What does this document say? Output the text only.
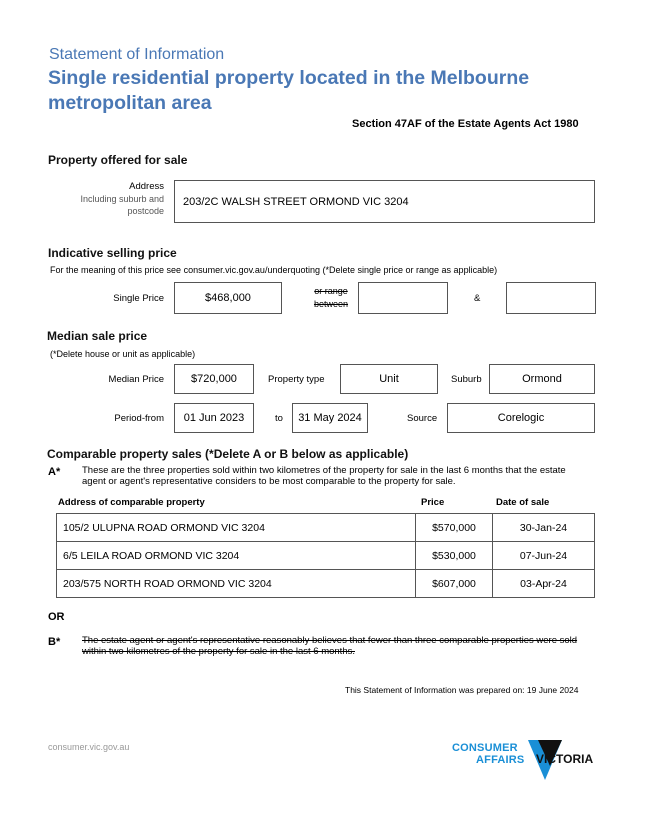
Statement of Information
Single residential property located in the Melbourne
metropolitan area
Section 47AF of the Estate Agents Act 1980
Property offered for sale
Address
Including suburb and
postcode
203/2C WALSH STREET ORMOND VIC 3204
Indicative selling price
For the meaning of this price see consumer.vic.gov.au/underquoting (*Delete single price or range as applicable)
Single Price	$468,000
or range
between	&
Median sale price
(*Delete house or unit as applicable)
Median Price $720,000	Property type	Unit	Suburb	Ormond
Period-from 01 Jun 2023	to 31 May 2024	Source	Corelogic
Comparable property sales (*Delete A or B below as applicable)
A* These are the three properties sold within two kilometres of the property for sale in the last 6 months that the estate agent or agent's representative considers to be most comparable to the property for sale.
Address of comparable property	Price	Date of sale
105/2 ULUPNA ROAD ORMOND VIC 3204	$570,000	30-Jan-24
6/5 LEILA ROAD ORMOND VIC 3204	$530,000	07-Jun-24
203/575 NORTH ROAD ORMOND VIC 3204	$607,000	03-Apr-24
OR
B* The estate agent or agent's representative reasonably believes that fewer than three comparable properties were sold within two kilometres of the property for sale in the last 6 months.
This Statement of Information was prepared on: 19 June 2024
consumer.vic.gov.au	CONSUMER
AFFAIRS VICTORIA
